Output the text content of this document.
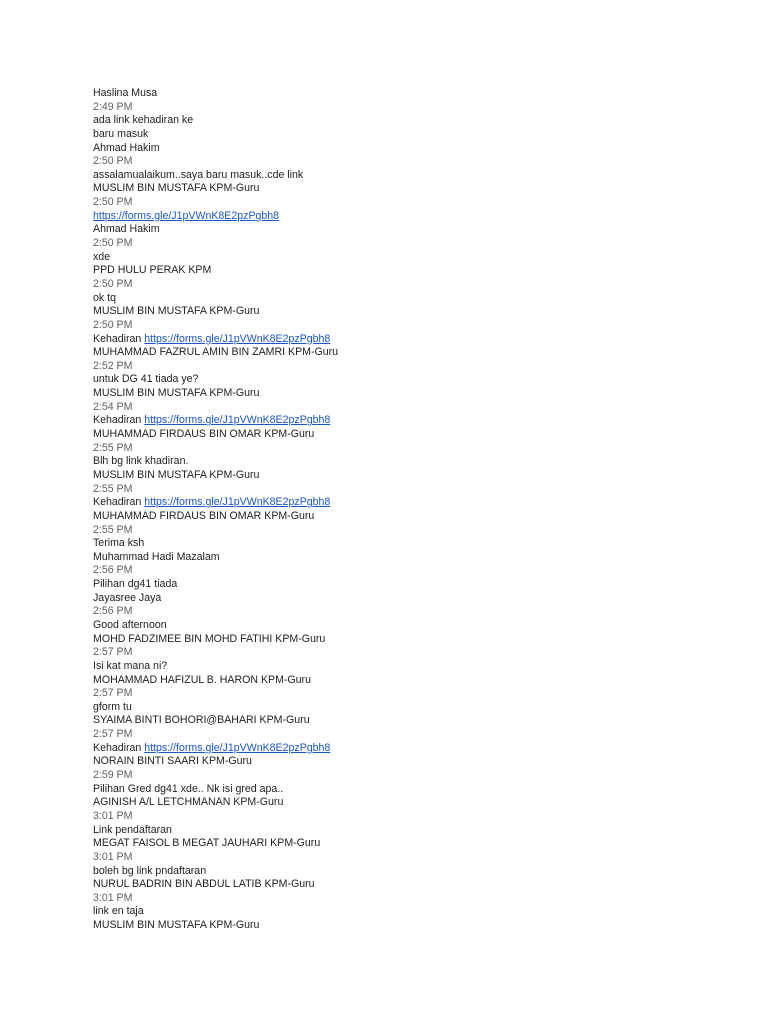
Haslina Musa
2:49 PM
ada link kehadiran ke
baru masuk
Ahmad Hakim
2:50 PM
assalamualaikum..saya baru masuk..cde link
MUSLIM BIN MUSTAFA KPM-Guru
2:50 PM
https://forms.gle/J1pVWnK8E2pzPgbh8
Ahmad Hakim
2:50 PM
xde
PPD HULU PERAK KPM
2:50 PM
ok tq
MUSLIM BIN MUSTAFA KPM-Guru
2:50 PM
Kehadiran https://forms.gle/J1pVWnK8E2pzPgbh8
MUHAMMAD FAZRUL AMIN BIN ZAMRI KPM-Guru
2:52 PM
untuk DG 41 tiada ye?
MUSLIM BIN MUSTAFA KPM-Guru
2:54 PM
Kehadiran https://forms.gle/J1pVWnK8E2pzPgbh8
MUHAMMAD FIRDAUS BIN OMAR KPM-Guru
2:55 PM
Blh bg link khadiran.
MUSLIM BIN MUSTAFA KPM-Guru
2:55 PM
Kehadiran https://forms.gle/J1pVWnK8E2pzPgbh8
MUHAMMAD FIRDAUS BIN OMAR KPM-Guru
2:55 PM
Terima ksh
Muhammad Hadi Mazalam
2:56 PM
Pilihan dg41 tiada
Jayasree Jaya
2:56 PM
Good afternoon
MOHD FADZIMEE BIN MOHD FATIHI KPM-Guru
2:57 PM
Isi kat mana ni?
MOHAMMAD HAFIZUL B. HARON KPM-Guru
2:57 PM
gform tu
SYAIMA BINTI BOHORI@BAHARI KPM-Guru
2:57 PM
Kehadiran https://forms.gle/J1pVWnK8E2pzPgbh8
NORAIN BINTI SAARI KPM-Guru
2:59 PM
Pilihan Gred dg41 xde.. Nk isi gred apa..
AGINISH A/L LETCHMANAN KPM-Guru
3:01 PM
Link pendaftaran
MEGAT FAISOL B MEGAT JAUHARI KPM-Guru
3:01 PM
boleh bg link pndaftaran
NURUL BADRIN BIN ABDUL LATIB KPM-Guru
3:01 PM
link en taja
MUSLIM BIN MUSTAFA KPM-Guru
